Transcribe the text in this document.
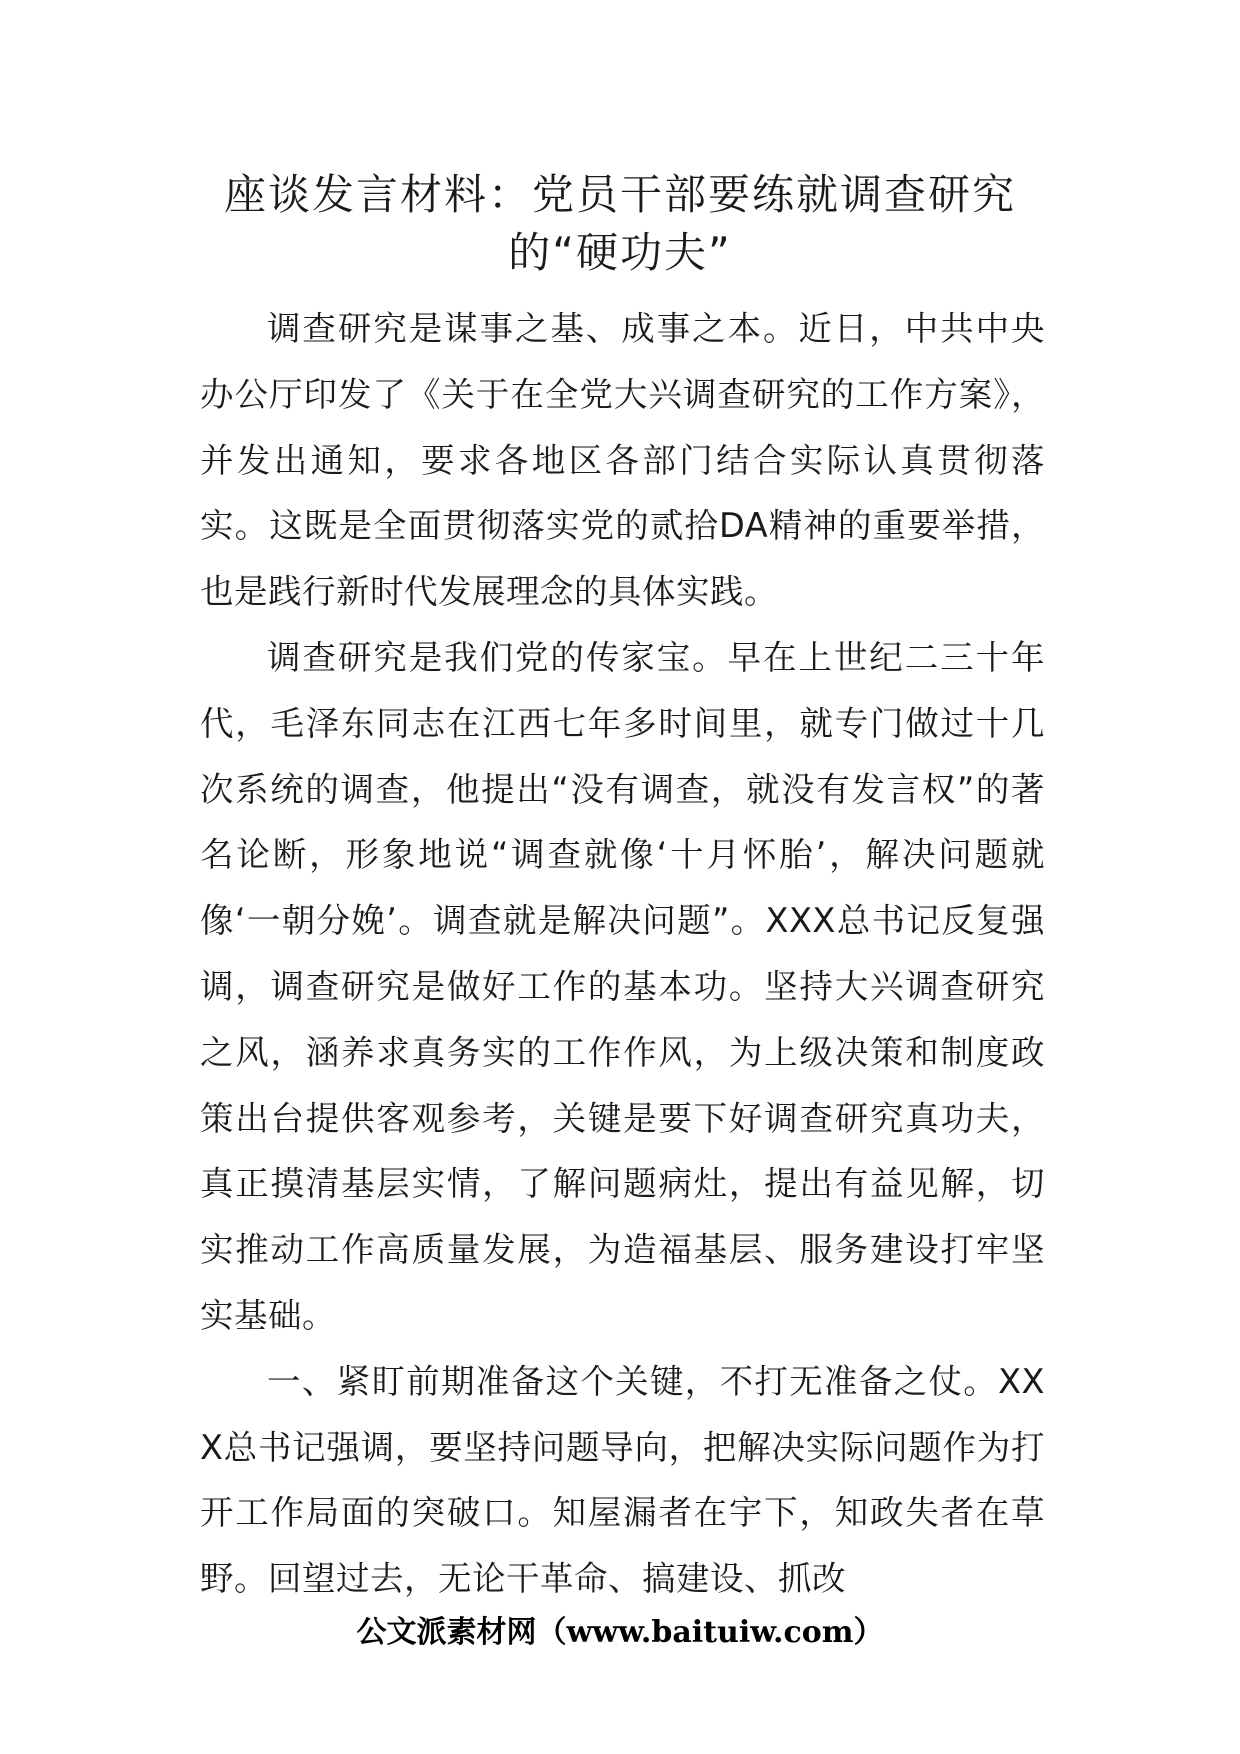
座谈发言材料：党员干部要练就调查研究的“硬功夫”

调查研究是谋事之基、成事之本。近日，中共中央办公厅印发了《关于在全党大兴调查研究的工作方案》，并发出通知，要求各地区各部门结合实际认真贯彻落实。这既是全面贯彻落实党的贰拾DA精神的重要举措，也是践行新时代发展理念的具体实践。

调查研究是我们党的传家宝。早在上世纪二三十年代，毛泽东同志在江西七年多时间里，就专门做过十几次系统的调查，他提出“没有调查，就没有发言权”的著名论断，形象地说“调查就像‘十月怀胎’，解决问题就像‘一朝分娩’。调查就是解决问题”。XXX总书记反复强调，调查研究是做好工作的基本功。坚持大兴调查研究之风，涵养求真务实的工作作风，为上级决策和制度政策出台提供客观参考，关键是要下好调查研究真功夫，真正摸清基层实情，了解问题病灶，提出有益见解，切实推动工作高质量发展，为造福基层、服务建设打牢坚实基础。

一、紧盯前期准备这个关键，不打无准备之仗。XXX总书记强调，要坚持问题导向，把解决实际问题作为打开工作局面的突破口。知屋漏者在宇下，知政失者在草野。回望过去，无论干革命、搞建设、抓改

公文派素材网（www.baituiw.com）
